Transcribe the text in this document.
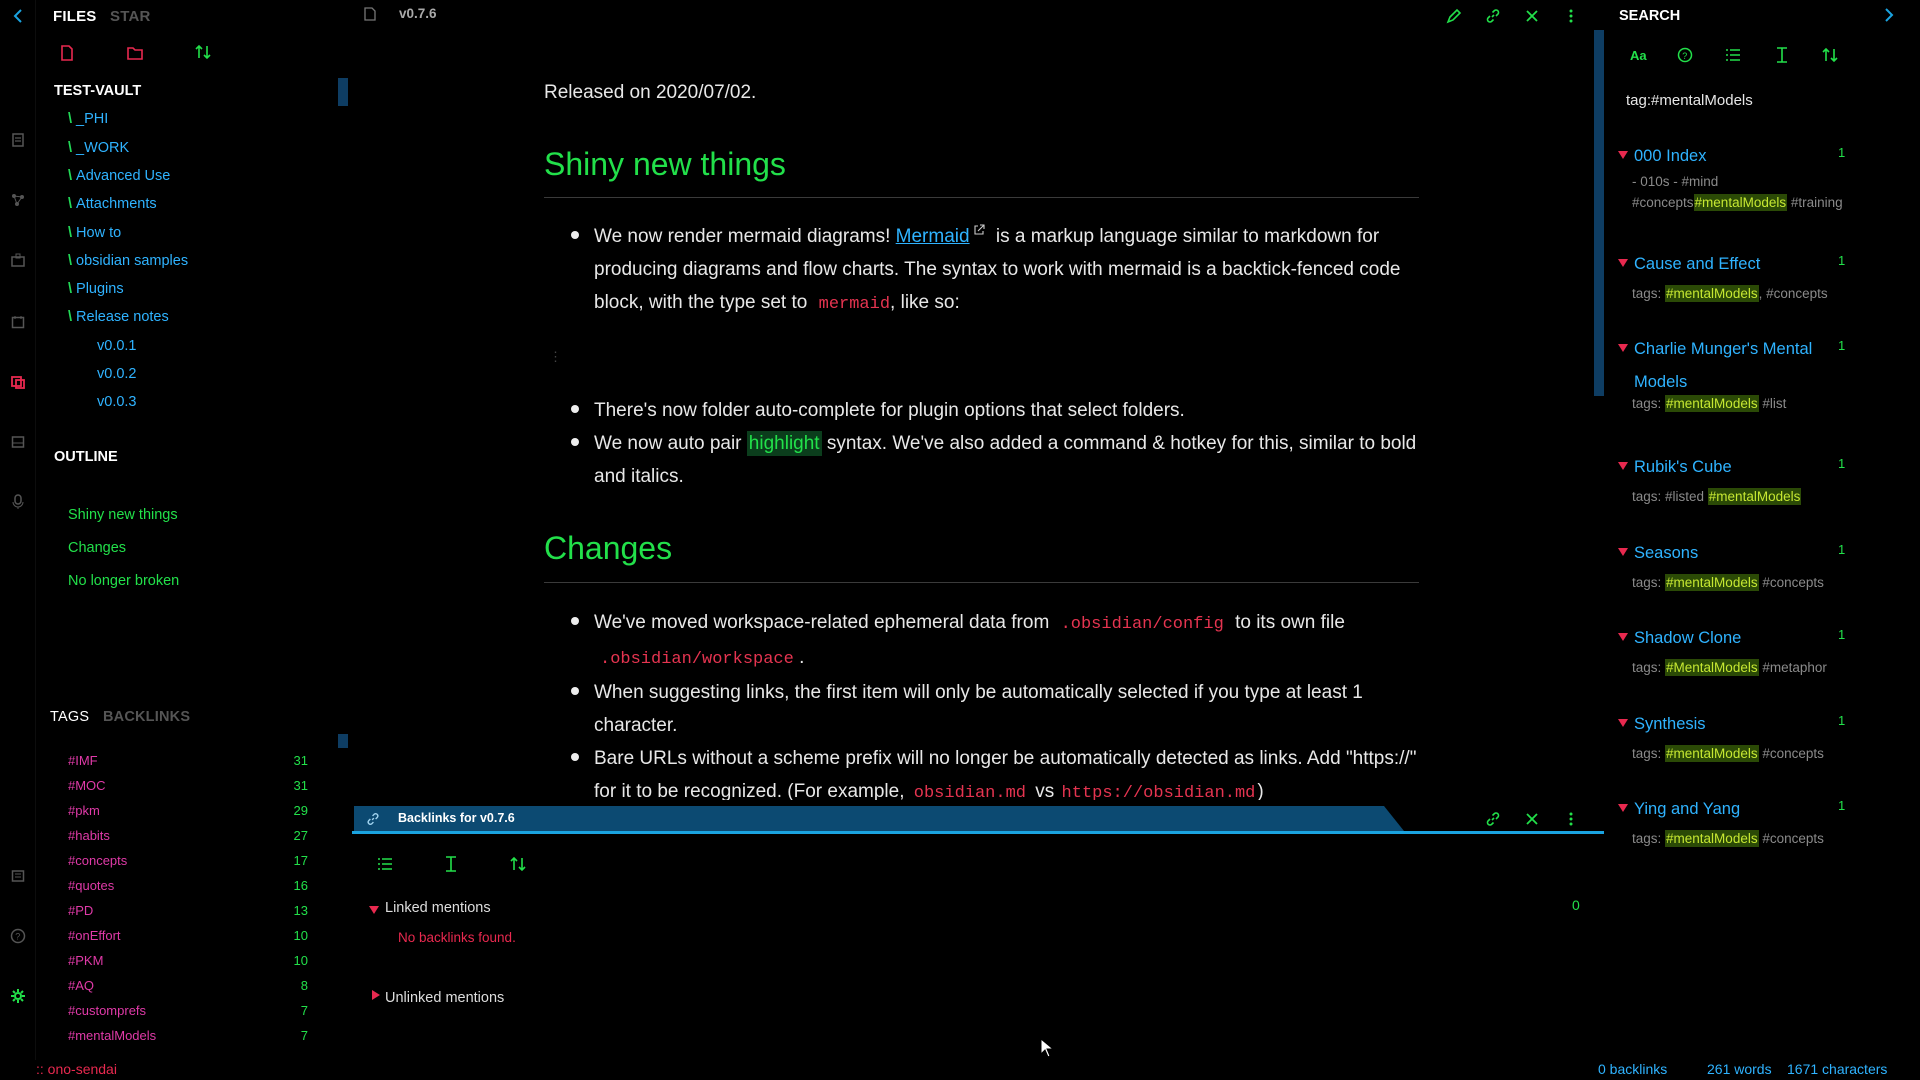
?
FILES STAR
TEST-VAULT
\ _PHI
\ _WORK
\ Advanced Use
\ Attachments
\ How to
\ obsidian samples
\ Plugins
\ Release notes
v0.0.1
v0.0.2
v0.0.3
OUTLINE
Shiny new things
Changes
No longer broken
TAGS BACKLINKS
#IMF	31
#MOC	31
#pkm	29
#habits	27
#concepts	17
#quotes	16
#PD	13
#onEffort	10
#PKM	10
#AQ	8
#customprefs	7
#mentalModels	7
v0.7.6
Released on 2020/07/02.
Shiny new things
We now render mermaid diagrams! Mermaid is a markup language similar to markdown for
producing diagrams and flow charts. The syntax to work with mermaid is a backtick-fenced code
block, with the type set to mermaid, like so:
⋮
There's now folder auto-complete for plugin options that select folders.
We now auto pair highlight syntax. We've also added a command & hotkey for this, similar to bold
and italics.
Changes
We've moved workspace-related ephemeral data from .obsidian/config to its own file
.obsidian/workspace .
When suggesting links, the first item will only be automatically selected if you type at least 1
character.
Bare URLs without a scheme prefix will no longer be automatically detected as links. Add "https://"
for it to be recognized. (For example, obsidian.md vs https://obsidian.md )
Backlinks for v0.7.6
Linked mentions	0
No backlinks found.
Unlinked mentions
SEARCH
Aa	?
tag:#mentalModels
000 Index	1
- 010s - #mind #concepts#mentalModels #training
Cause and Effect	1
tags: #mentalModels, #concepts
Charlie Munger's Mental Models
1
tags: #mentalModels #list
Rubik's Cube	1
tags: #listed #mentalModels
Seasons	1
tags: #mentalModels #concepts
Shadow Clone	1
tags: #MentalModels #metaphor
Synthesis	1
tags: #mentalModels #concepts
Ying and Yang	1
tags: #mentalModels #concepts
:: ono-sendai	0 backlinks	261 words 1671 characters
